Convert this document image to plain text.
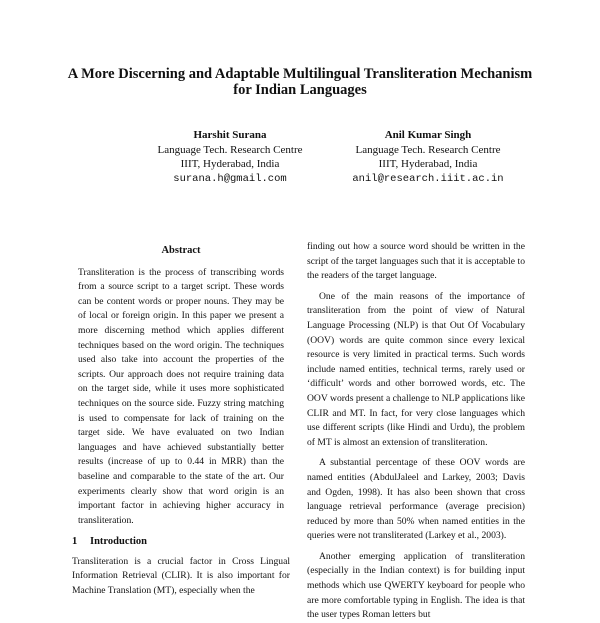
A More Discerning and Adaptable Multilingual Transliteration Mechanism
for Indian Languages
Harshit Surana
Language Tech. Research Centre
IIIT, Hyderabad, India
surana.h@gmail.com
Anil Kumar Singh
Language Tech. Research Centre
IIIT, Hyderabad, India
anil@research.iiit.ac.in
Abstract
Transliteration is the process of transcribing words from a source script to a target script. These words can be content words or proper nouns. They may be of local or foreign origin. In this paper we present a more discerning method which applies different techniques based on the word origin. The techniques used also take into account the properties of the scripts. Our approach does not require training data on the target side, while it uses more sophisticated techniques on the source side. Fuzzy string matching is used to compensate for lack of training on the target side. We have evaluated on two Indian languages and have achieved substantially better results (increase of up to 0.44 in MRR) than the baseline and comparable to the state of the art. Our experiments clearly show that word origin is an important factor in achieving higher accuracy in transliteration.
1 Introduction

Transliteration is a crucial factor in Cross Lingual Information Retrieval (CLIR). It is also important for Machine Translation (MT), especially when the

finding out how a source word should be written in the script of the target languages such that it is acceptable to the readers of the target language.

One of the main reasons of the importance of transliteration from the point of view of Natural Language Processing (NLP) is that Out Of Vocabulary (OOV) words are quite common since every lexical resource is very limited in practical terms. Such words include named entities, technical terms, rarely used or ‘difficult’ words and other borrowed words, etc. The OOV words present a challenge to NLP applications like CLIR and MT. In fact, for very close languages which use different scripts (like Hindi and Urdu), the problem of MT is almost an extension of transliteration.

A substantial percentage of these OOV words are named entities (AbdulJaleel and Larkey, 2003; Davis and Ogden, 1998). It has also been shown that cross language retrieval performance (average precision) reduced by more than 50% when named entities in the queries were not transliterated (Larkey et al., 2003).

Another emerging application of transliteration (especially in the Indian context) is for building input methods which use QWERTY keyboard for people who are more comfortable typing in English. The idea is that the user types Roman letters but
